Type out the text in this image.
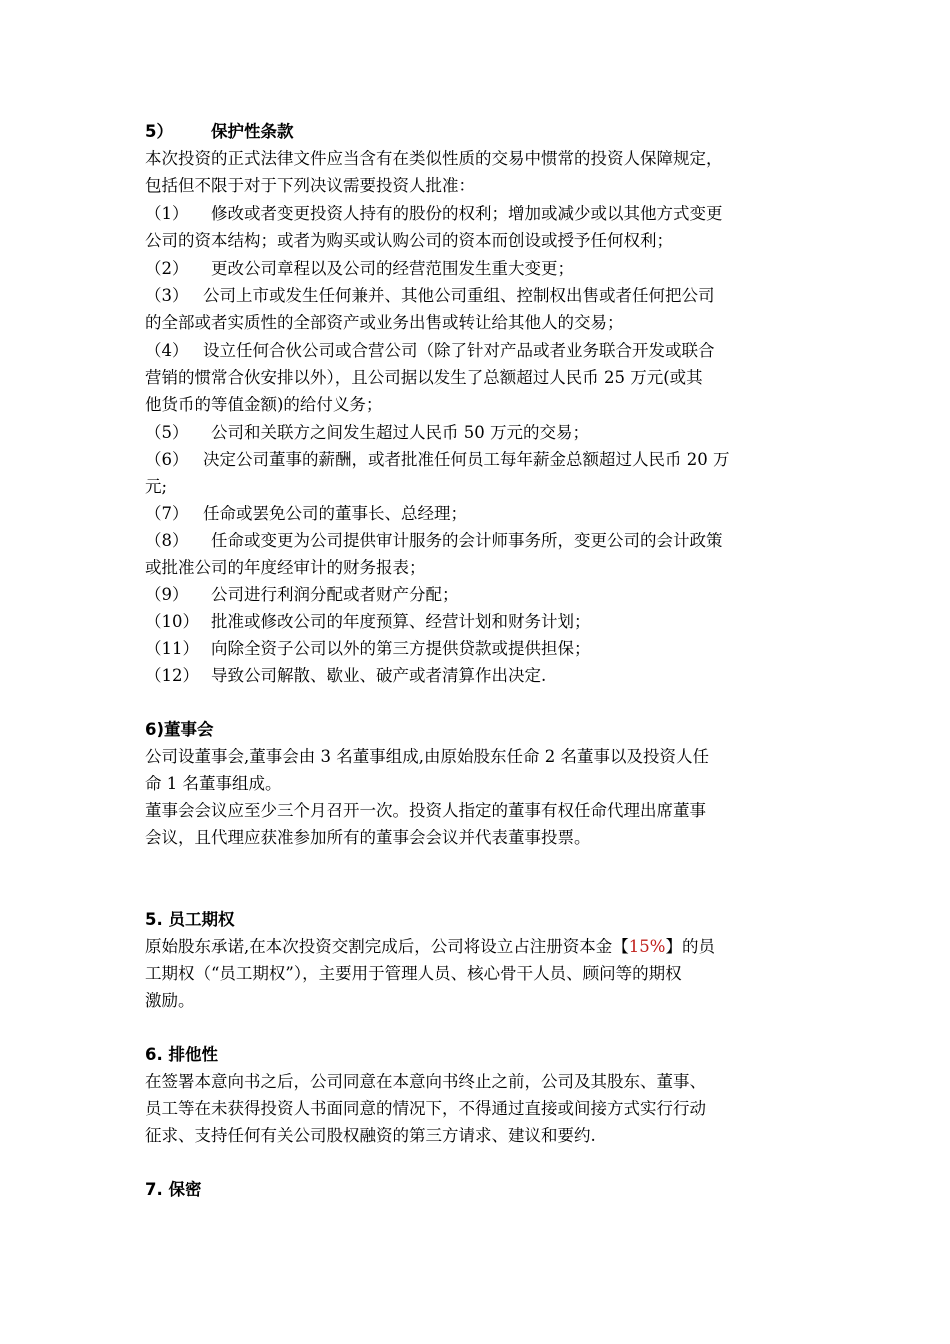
5） 保护性条款
本次投资的正式法律文件应当含有在类似性质的交易中惯常的投资人保障规定，
包括但不限于对于下列决议需要投资人批准：
（1） 修改或者变更投资人持有的股份的权利；增加或减少或以其他方式变更
公司的资本结构；或者为购买或认购公司的资本而创设或授予任何权利；
（2） 更改公司章程以及公司的经营范围发生重大变更；
（3） 公司上市或发生任何兼并、其他公司重组、控制权出售或者任何把公司
的全部或者实质性的全部资产或业务出售或转让给其他人的交易；
（4） 设立任何合伙公司或合营公司（除了针对产品或者业务联合开发或联合
营销的惯常合伙安排以外），且公司据以发生了总额超过人民币 25 万元(或其
他货币的等值金额)的给付义务；
（5） 公司和关联方之间发生超过人民币 50 万元的交易；
（6） 决定公司董事的薪酬，或者批准任何员工每年薪金总额超过人民币 20 万
元;
（7） 任命或罢免公司的董事长、总经理；
（8） 任命或变更为公司提供审计服务的会计师事务所，变更公司的会计政策
或批准公司的年度经审计的财务报表；
（9） 公司进行利润分配或者财产分配；
（10） 批准或修改公司的年度预算、经营计划和财务计划；
（11） 向除全资子公司以外的第三方提供贷款或提供担保；
（12） 导致公司解散、歇业、破产或者清算作出决定.
6)董事会
公司设董事会,董事会由 3 名董事组成,由原始股东任命 2 名董事以及投资人任
命 1 名董事组成。
董事会会议应至少三个月召开一次。投资人指定的董事有权任命代理出席董事
会议，且代理应获准参加所有的董事会会议并代表董事投票。
5. 员工期权
原始股东承诺,在本次投资交割完成后，公司将设立占注册资本金【15%】的员
工期权（“员工期权”），主要用于管理人员、核心骨干人员、顾问等的期权
激励。
6. 排他性
在签署本意向书之后，公司同意在本意向书终止之前，公司及其股东、董事、
员工等在未获得投资人书面同意的情况下，不得通过直接或间接方式实行行动
征求、支持任何有关公司股权融资的第三方请求、建议和要约.
7. 保密
